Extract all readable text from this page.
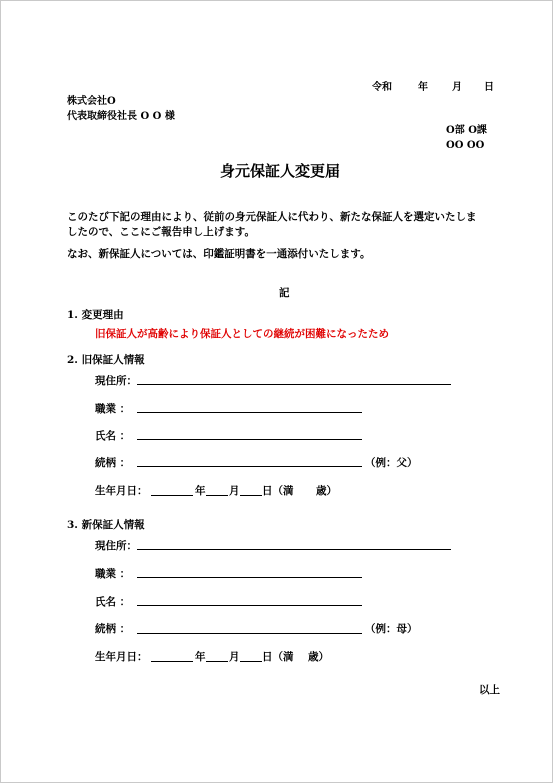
令和	年 月 日
株式会社O
代表取締役社長 O O 様
O部 O課
OO OO
身元保証人変更届
このたび下記の理由により、従前の身元保証人に代わり、新たな保証人を選定いたしま
したので、ここにご報告申し上げます。
なお、新保証人については、印鑑証明書を一通添付いたします。
記
1. 変更理由
旧保証人が高齢により保証人としての継続が困難になったため
2. 旧保証人情報
現住所：
職業 ：
氏名 ：
続柄 ：	（例：父）
生年月日：	年 月 日（満 歳）
3. 新保証人情報
現住所：
職業 ：
氏名 ：
続柄 ：	（例：母）
生年月日：	年 月 日（満 歳）
以上
